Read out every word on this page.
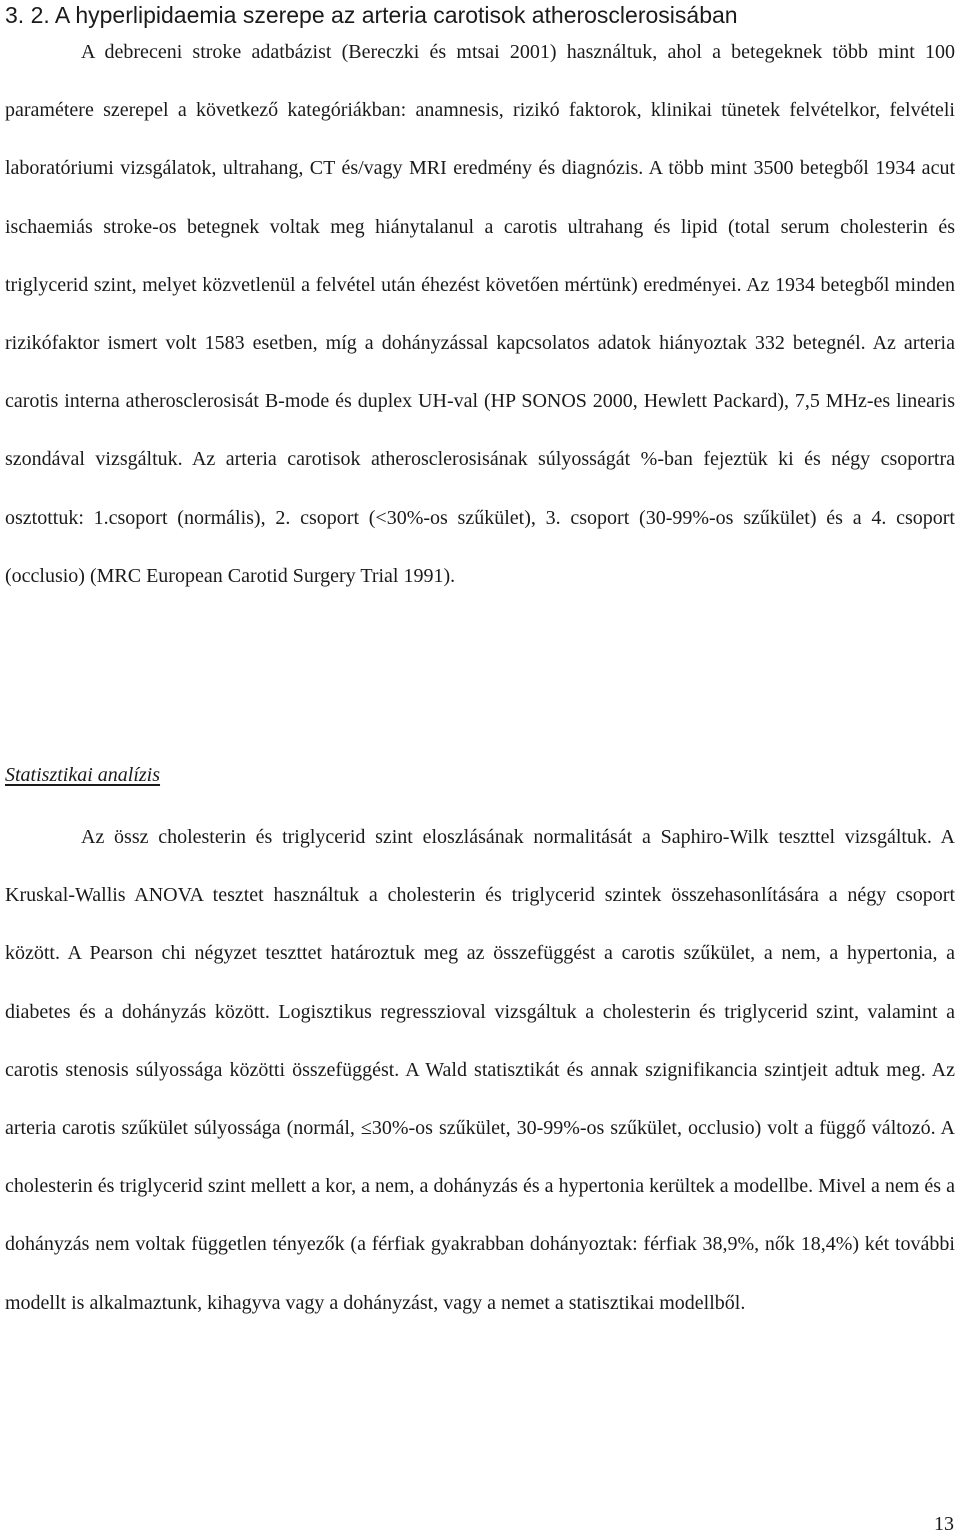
3. 2. A hyperlipidaemia szerepe az arteria carotisok atherosclerosisában

A debreceni stroke adatbázist (Bereczki és mtsai 2001) használtuk, ahol a betegeknek több mint 100 paramétere szerepel a következő kategóriákban: anamnesis, rizikó faktorok, klinikai tünetek felvételkor, felvételi laboratóriumi vizsgálatok, ultrahang, CT és/vagy MRI eredmény és diagnózis. A több mint 3500 betegből 1934 acut ischaemiás stroke-os betegnek voltak meg hiánytalanul a carotis ultrahang és lipid (total serum cholesterin és triglycerid szint, melyet közvetlenül a felvétel után éhezést követően mértünk) eredményei. Az 1934 betegből minden rizikófaktor ismert volt 1583 esetben, míg a dohányzással kapcsolatos adatok hiányoztak 332 betegnél. Az arteria carotis interna atherosclerosisát B-mode és duplex UH-val (HP SONOS 2000, Hewlett Packard), 7,5 MHz-es linearis szondával vizsgáltuk. Az arteria carotisok atherosclerosisának súlyosságát %-ban fejeztük ki és négy csoportra osztottuk: 1.csoport (normális), 2. csoport (<30%-os szűkület), 3. csoport (30-99%-os szűkület) és a 4. csoport (occlusio) (MRC European Carotid Surgery Trial 1991).

Statisztikai analízis

Az össz cholesterin és triglycerid szint eloszlásának normalitását a Saphiro-Wilk teszttel vizsgáltuk. A Kruskal-Wallis ANOVA tesztet használtuk a cholesterin és triglycerid szintek összehasonlítására a négy csoport között. A Pearson chi négyzet teszttet határoztuk meg az összefüggést a carotis szűkület, a nem, a hypertonia, a diabetes és a dohányzás között. Logisztikus regresszioval vizsgáltuk a cholesterin és triglycerid szint, valamint a carotis stenosis súlyossága közötti összefüggést. A Wald statisztikát és annak szignifikancia szintjeit adtuk meg. Az arteria carotis szűkület súlyossága (normál, ≤30%-os szűkület, 30-99%-os szűkület, occlusio) volt a függő változó. A cholesterin és triglycerid szint mellett a kor, a nem, a dohányzás és a hypertonia kerültek a modellbe. Mivel a nem és a dohányzás nem voltak független tényezők (a férfiak gyakrabban dohányoztak: férfiak 38,9%, nők 18,4%) két további modellt is alkalmaztunk, kihagyva vagy a dohányzást, vagy a nemet a statisztikai modellből.

13
